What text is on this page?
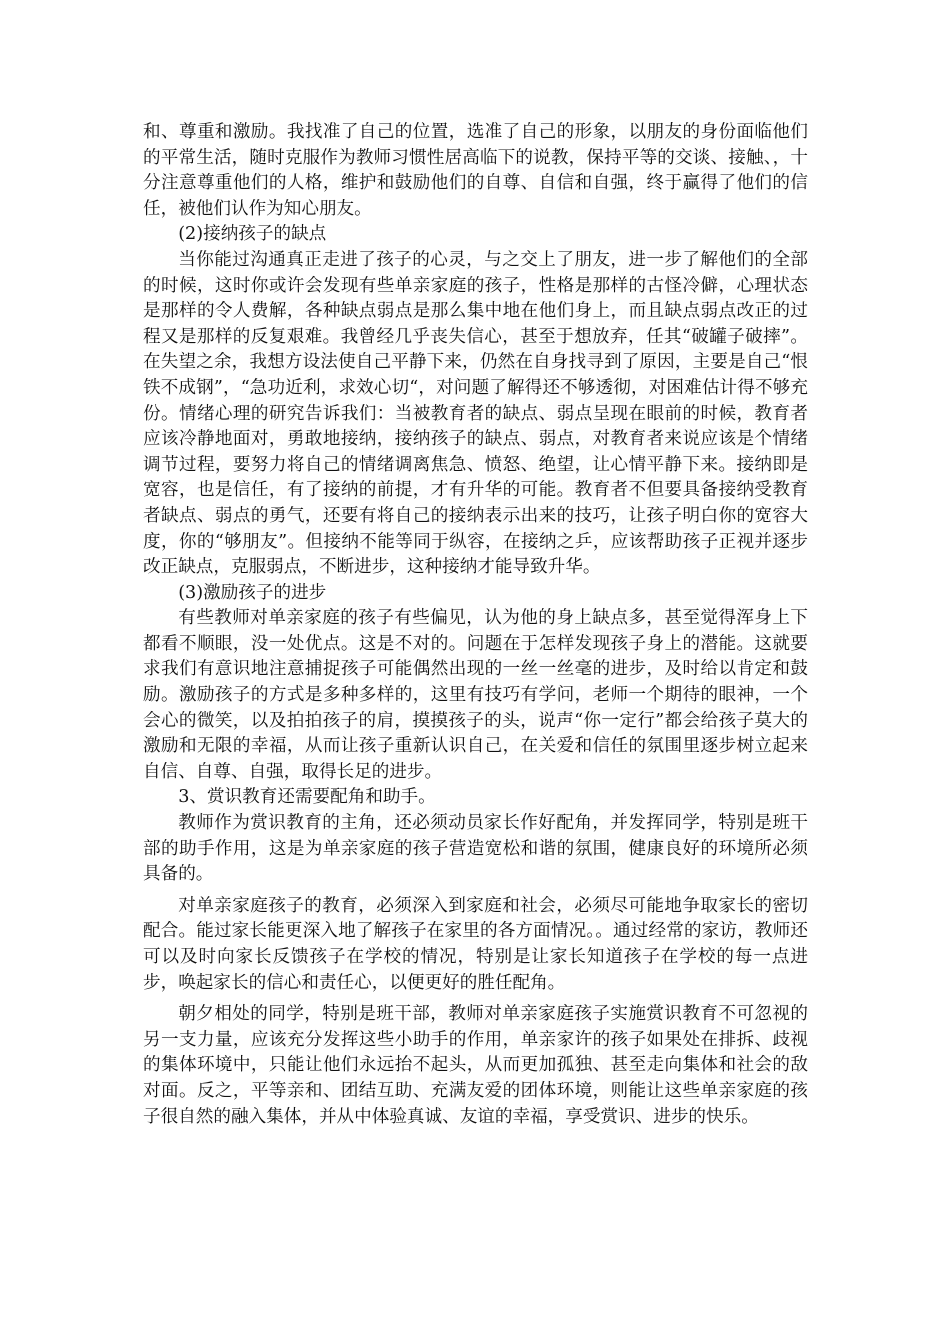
和、尊重和激励。我找准了自己的位置，选准了自己的形象，以朋友的身份面临他们的平常生活，随时克服作为教师习惯性居高临下的说教，保持平等的交谈、接触、，十分注意尊重他们的人格，维护和鼓励他们的自尊、自信和自强，终于赢得了他们的信任，被他们认作为知心朋友。

(2)接纳孩子的缺点

当你能过沟通真正走进了孩子的心灵，与之交上了朋友，进一步了解他们的全部的时候，这时你或许会发现有些单亲家庭的孩子，性格是那样的古怪冷僻，心理状态是那样的令人费解，各种缺点弱点是那么集中地在他们身上，而且缺点弱点改正的过程又是那样的反复艰难。我曾经几乎丧失信心，甚至于想放弃，任其“破罐子破摔”。在失望之余，我想方设法使自己平静下来，仍然在自身找寻到了原因，主要是自己“恨铁不成钢”，“急功近利，求效心切“，对问题了解得还不够透彻，对困难估计得不够充份。情绪心理的研究告诉我们：当被教育者的缺点、弱点呈现在眼前的时候，教育者应该冷静地面对，勇敢地接纳，接纳孩子的缺点、弱点，对教育者来说应该是个情绪调节过程，要努力将自己的情绪调离焦急、愤怒、绝望，让心情平静下来。接纳即是宽容，也是信任，有了接纳的前提，才有升华的可能。教育者不但要具备接纳受教育者缺点、弱点的勇气，还要有将自己的接纳表示出来的技巧，让孩子明白你的宽容大度，你的“够朋友”。但接纳不能等同于纵容，在接纳之乒，应该帮助孩子正视并逐步改正缺点，克服弱点，不断进步，这种接纳才能导致升华。

(3)激励孩子的进步

有些教师对单亲家庭的孩子有些偏见，认为他的身上缺点多，甚至觉得浑身上下都看不顺眼，没一处优点。这是不对的。问题在于怎样发现孩子身上的潜能。这就要求我们有意识地注意捕捉孩子可能偶然出现的一丝一丝毫的进步，及时给以肯定和鼓励。激励孩子的方式是多种多样的，这里有技巧有学问，老师一个期待的眼神，一个会心的微笑，以及拍拍孩子的肩，摸摸孩子的头，说声“你一定行”都会给孩子莫大的激励和无限的幸福，从而让孩子重新认识自己，在关爱和信任的氛围里逐步树立起来自信、自尊、自强，取得长足的进步。

3、赏识教育还需要配角和助手。

教师作为赏识教育的主角，还必须动员家长作好配角，并发挥同学，特别是班干部的助手作用，这是为单亲家庭的孩子营造宽松和谐的氛围，健康良好的环境所必须具备的。

对单亲家庭孩子的教育，必须深入到家庭和社会，必须尽可能地争取家长的密切配合。能过家长能更深入地了解孩子在家里的各方面情况。。通过经常的家访，教师还可以及时向家长反馈孩子在学校的情况，特别是让家长知道孩子在学校的每一点进步，唤起家长的信心和责任心，以便更好的胜任配角。

朝夕相处的同学，特别是班干部，教师对单亲家庭孩子实施赏识教育不可忽视的另一支力量，应该充分发挥这些小助手的作用，单亲家许的孩子如果处在排拆、歧视的集体环境中，只能让他们永远抬不起头，从而更加孤独、甚至走向集体和社会的敌对面。反之，平等亲和、团结互助、充满友爱的团体环境，则能让这些单亲家庭的孩子很自然的融入集体，并从中体验真诚、友谊的幸福，享受赏识、进步的快乐。
